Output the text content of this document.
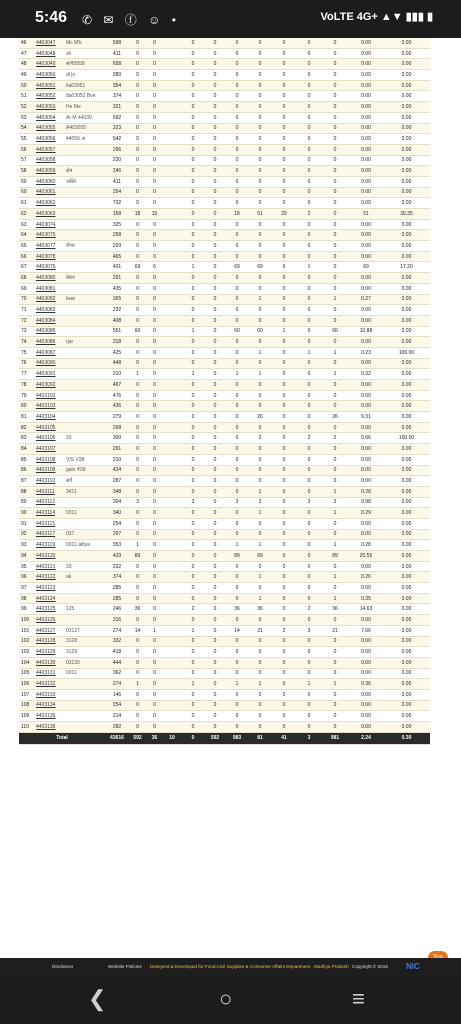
5:46 ✆ ✉ ⓕ ☺ •	VoLTE 4G+ ▲▼ ▮▮▮ ▮
46	4403047	Mc M'k	598	0	0		0	0	0	0	0	0	0	0.00	0.00	
47	4403048	sh	411	0	0		0	0	0	0	0	0	0	0.00	0.00	
48	4403049	सापे5858	658	0	0		0	0	0	0	0	0	0	0.00	0.00	
49	4403050	di jo	280	0	0		0	0	0	0	0	0	0	0.00	0.00	
50	4403051	ka03051	354	0	0		0	0	0	0	0	0	0	0.00	0.00	
51	4403052	8a03052 Bve	374	0	0		0	0	0	0	0	0	0	0.00	0.00	
52	4403053	He Me	321	0	0		0	0	0	0	0	0	0	0.00	0.00	
53	4403054	Ar M 44030	692	0	0		0	0	0	0	0	0	0	0.00	0.00	
54	4403055	A403055	323	0	0		0	0	0	0	0	0	0	0.00	0.00	
55	4403056	44056 अ	542	0	0		0	0	0	0	0	0	0	0.00	0.00	
56	4403057		296	0	0		0	0	0	0	0	0	0	0.00	0.00	
57	4403058		230	0	0		0	0	0	0	0	0	0	0.00	0.00	
58	4403059	क्षेत्र	246	0	0		0	0	0	0	0	0	0	0.00	0.00	
59	4403060	अस्ति	411	0	0		0	0	0	0	0	0	0	0.00	0.00	
60	4403061		254	0	0		0	0	0	0	0	0	0	0.00	0.00	
61	4403062		732	0	0		0	0	0	0	0	0	0	0.00	0.00	
62	4403063		168	18	15		0	0	18	51	29	2	0	51	30.35	
63	4403074		325	0	0		0	0	0	0	0	0	0	0.00	0.00	
64	4403075		258	0	0		0	0	0	0	0	0	0	0.00	0.00	
65	4403077	रीप्ज	293	0	0		0	0	0	0	0	0	0	0.00	0.00	
66	4403078		465	0	0		0	0	0	0	0	0	0	0.00	0.00	
67	4403079		401	69	6		1	0	69	69	6	1	0	69	17.20	
68	4403080	बेकर	291	0	0		0	0	0	0	0	0	0	0.00	0.00	
69	4403081		435	0	0		0	0	0	0	0	0	0	0.00	0.00	
70	4403082	lwat	365	0	0		0	0	0	1	0	0	1	0.27	0.00	
71	4403083		232	0	0		0	0	0	0	0	0	0	0.00	0.00	
72	4403084		408	0	0		0	0	0	0	0	0	0	0.00	0.00	
73	4403085		551	60	0		1	0	60	60	1	0	60	10.88	0.00	
74	4403086	rjar	318	0	0		0	0	0	0	0	0	0	0.00	0.00	
75	4403087		425	0	0		0	0	0	1	0	1	1	0.23	100.00	
76	4403090		448	0	0		0	0	0	0	0	0	0	0.00	0.00	
77	4403091		310	1	0		1	0	1	1	0	0	1	0.32	0.00	
78	4403092		467	0	0		0	0	0	0	0	0	0	0.00	0.00	
79	4403102		476	0	0		0	0	0	0	0	0	0	0.00	0.00	
80	4403103		436	0	0		0	0	0	0	0	0	0	0.00	0.00	
81	4403104		279	0	0		0	0	0	26	0	0	26	9.31	0.00	
82	4403105		268	0	0		0	0	0	0	0	0	0	0.00	0.00	
83	4403106	33	300	0	0		0	0	0	2	0	2	2	0.66	100.00	
84	4403107		291	0	0		0	0	0	0	0	0	0	0.00	0.00	
85	4403108	VIS V38	210	0	0		0	0	0	0	0	0	0	0.00	0.00	
86	4403109	gaio ₹09	434	0	0		0	0	0	0	0	0	0	0.00	0.00	
87	4403110	सर्वे	287	0	0		0	0	0	0	0	0	0	0.00	0.00	
88	4403111	3411	348	0	0		0	0	0	1	0	0	1	0.28	0.00	
89	4403112		304	3	0		3	0	3	3	0	3	3	0.98	0.00	
90	4403114	0311	340	0	0		0	0	0	1	0	0	1	0.29	0.00	
91	4403115		254	0	0		0	0	0	0	0	0	0	0.00	0.00	
92	4403117	037	297	0	0		0	0	0	0	0	0	0	0.00	0.00	
93	4403119	0311 atilya	353	1	0		0	0	1	1	0	0	1	0.28	0.00	
94	4403120		433	89	0		0	0	89	89	0	0	89	20.55	0.00	
95	4403121	33	232	0	0		0	0	0	0	0	0	0	0.00	0.00	
96	4403122	ak	374	0	0		0	0	0	1	0	0	1	0.26	0.00	
97	4403123		285	0	0		0	0	0	0	0	0	0	0.00	0.00	
98	4403124		285	0	0		0	0	0	1	0	0	1	0.35	0.00	
99	4403125	125	246	36	0		2	0	36	36	0	2	36	14.63	0.00	
100	4403126		316	0	0		0	0	0	0	0	0	0	0.00	0.00	
101	4403127	03127	274	14	1		1	0	14	21	2	3	21	7.66	0.00	
102	4403128	3128	332	0	0		0	0	0	0	0	0	0	0.00	0.00	
103	4403129	3129	418	0	0		0	0	0	0	0	0	0	0.00	0.00	
104	4403130	03130	444	0	0		0	0	0	0	0	0	0	0.00	0.00	
105	4403131	0311	362	0	0		0	0	0	0	0	0	0	0.00	0.00	
106	4403132		274	1	0		1	0	1	1	0	1	1	0.36	0.00	
107	4403133		146	0	0		0	0	0	0	0	0	0	0.00	0.00	
108	4403134		254	0	0		0	0	0	0	0	0	0	0.00	0.00	
109	4403135		214	0	0		0	0	0	0	0	0	0	0.00	0.00	
110	4403136		282	0	0		0	0	0	0	0	0	0	0.00	0.00	
Total			43616	592	36	19	0	592	983	81	41	3	981	2.24	0.30	
Disclaimer	Website Policies Designed & Developed for Food,Civil Supplies & Consumer Affairs Department , Madhya Pradesh Copyright © 2019 NIC
❮	○	≡
